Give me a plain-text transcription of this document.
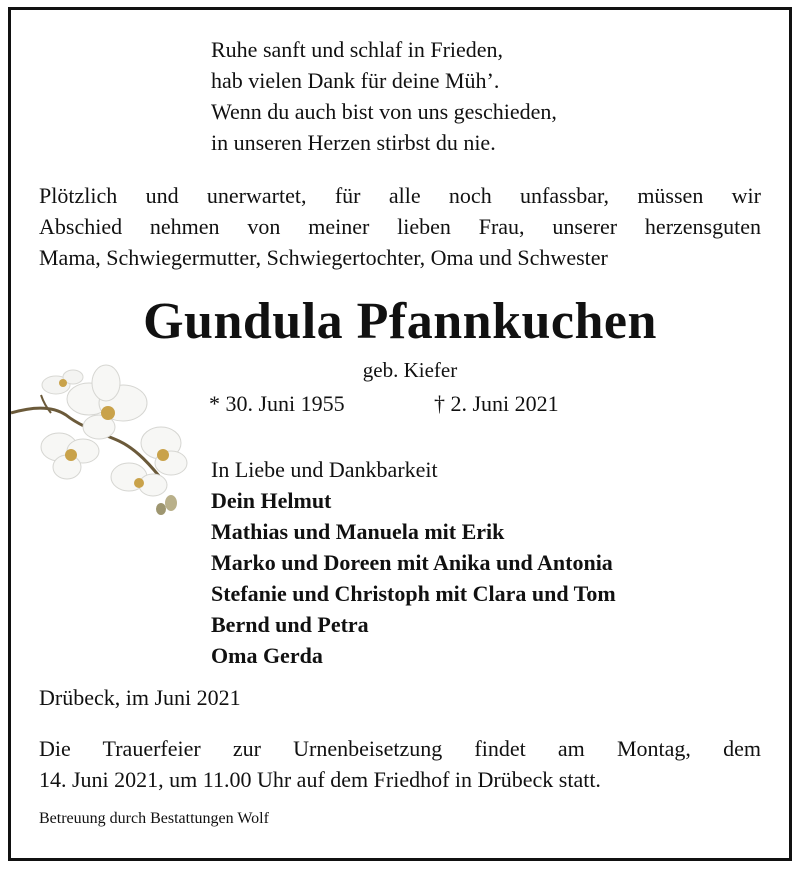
Ruhe sanft und schlaf in Frieden,
hab vielen Dank für deine Müh’.
Wenn du auch bist von uns geschieden,
in unseren Herzen stirbst du nie.
Plötzlich und unerwartet, für alle noch unfassbar, müssen wir
Abschied nehmen von meiner lieben Frau, unserer herzensguten
Mama, Schwiegermutter, Schwiegertochter, Oma und Schwester
Gundula Pfannkuchen
geb. Kiefer
* 30. Juni 1955	† 2. Juni 2021
In Liebe und Dankbarkeit
Dein Helmut
Mathias und Manuela mit Erik
Marko und Doreen mit Anika und Antonia
Stefanie und Christoph mit Clara und Tom
Bernd und Petra
Oma Gerda
Drübeck, im Juni 2021
Die Trauerfeier zur Urnenbeisetzung findet am Montag, dem
14. Juni 2021, um 11.00 Uhr auf dem Friedhof in Drübeck statt.
Betreuung durch Bestattungen Wolf
